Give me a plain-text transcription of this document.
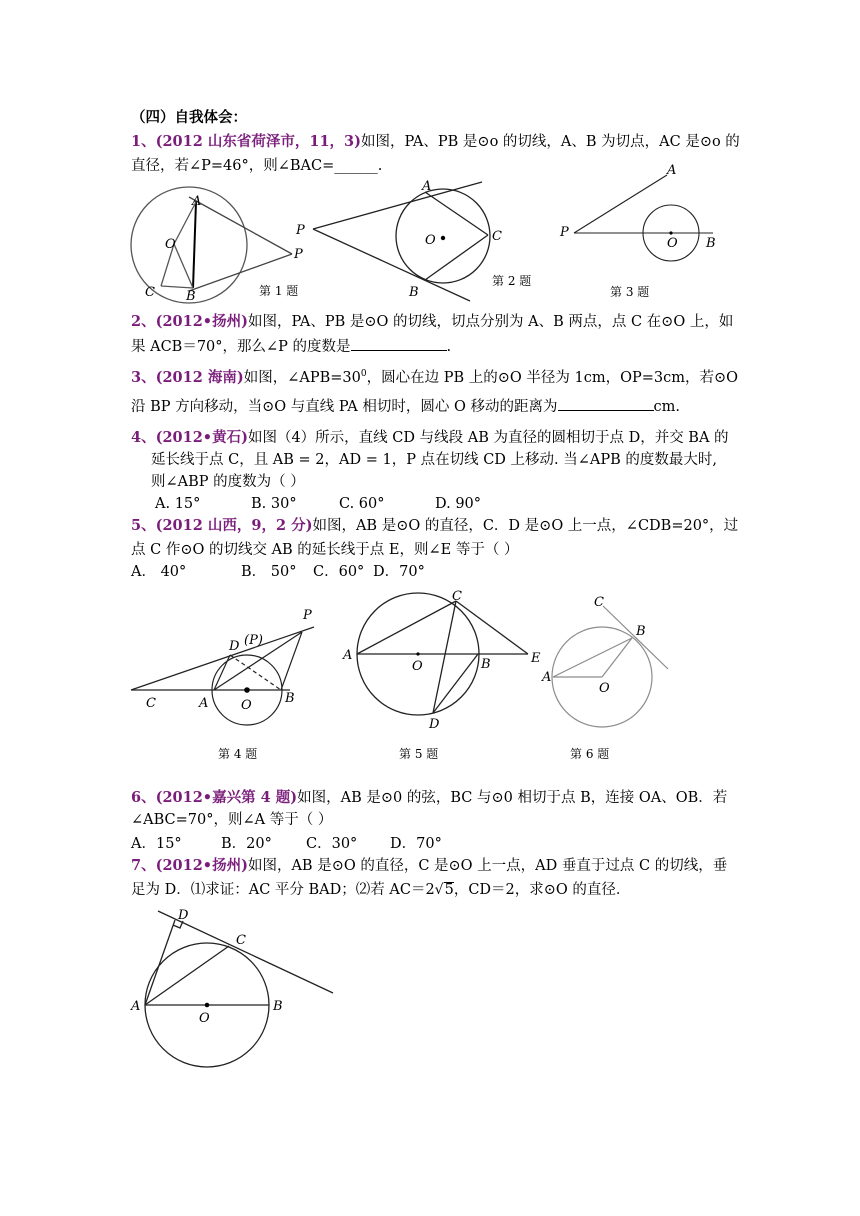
（四）自我体会：
1、(2012 山东省荷泽市，11，3)如图，PA、PB 是⊙o 的切线，A、B 为切点，AC 是⊙o 的
直径，若∠P=46°，则∠BAC=______.
A
O
P
C B	第 1 题
A
P
O	C
B
第 2 题
A
P
O B
第 3 题
2、(2012•扬州)如图，PA、PB 是⊙O 的切线，切点分别为 A、B 两点，点 C 在⊙O 上，如
果 ACB＝70°，那么∠P 的度数是	.
3、(2012 海南)如图，$\angle APB=30^0$，圆心在边 PB 上的⊙O 半径为 1cm，OP=3cm，若⊙O
沿 BP 方向移动，当⊙O 与直线 PA 相切时，圆心 O 移动的距离为	cm.
4、(2012•黄石)如图（4）所示，直线 CD 与线段 AB 为直径的圆相切于点 D，并交 BA 的
延长线于点 C，且 AB = 2，AD = 1，P 点在切线 CD 上移动. 当∠APB 的度数最大时,
则∠ABP 的度数为（ ）
A. 15°	B. 30°	C. 60°	D. 90°
5、(2012 山西，9，2 分)如图，AB 是⊙O 的直径，C．D 是⊙O 上一点，∠CDB=20°，过
点 C 作⊙O 的切线交 AB 的延长线于点 E，则∠E 等于（ ）
A． 40°	B． 50° C．60° D．70°
P
D (P)
C	A	O	B
第 4 题
C
A
O	B	E
D
第 5 题
C
B
A
O
第 6 题
6、(2012•嘉兴第 4 题)如图，AB 是⊙0 的弦，BC 与⊙0 相切于点 B，连接 OA、OB．若
∠ABC=70°，则∠A 等于（ ）
A．15°	B．20° C．30° D．70°
7、(2012•扬州)如图，AB 是⊙O 的直径，C 是⊙O 上一点，AD 垂直于过点 C 的切线，垂
足为 D．⑴求证：AC 平分 BAD；⑵若 AC＝2√5，CD＝2，求⊙O 的直径．
D
C
A
O
B
